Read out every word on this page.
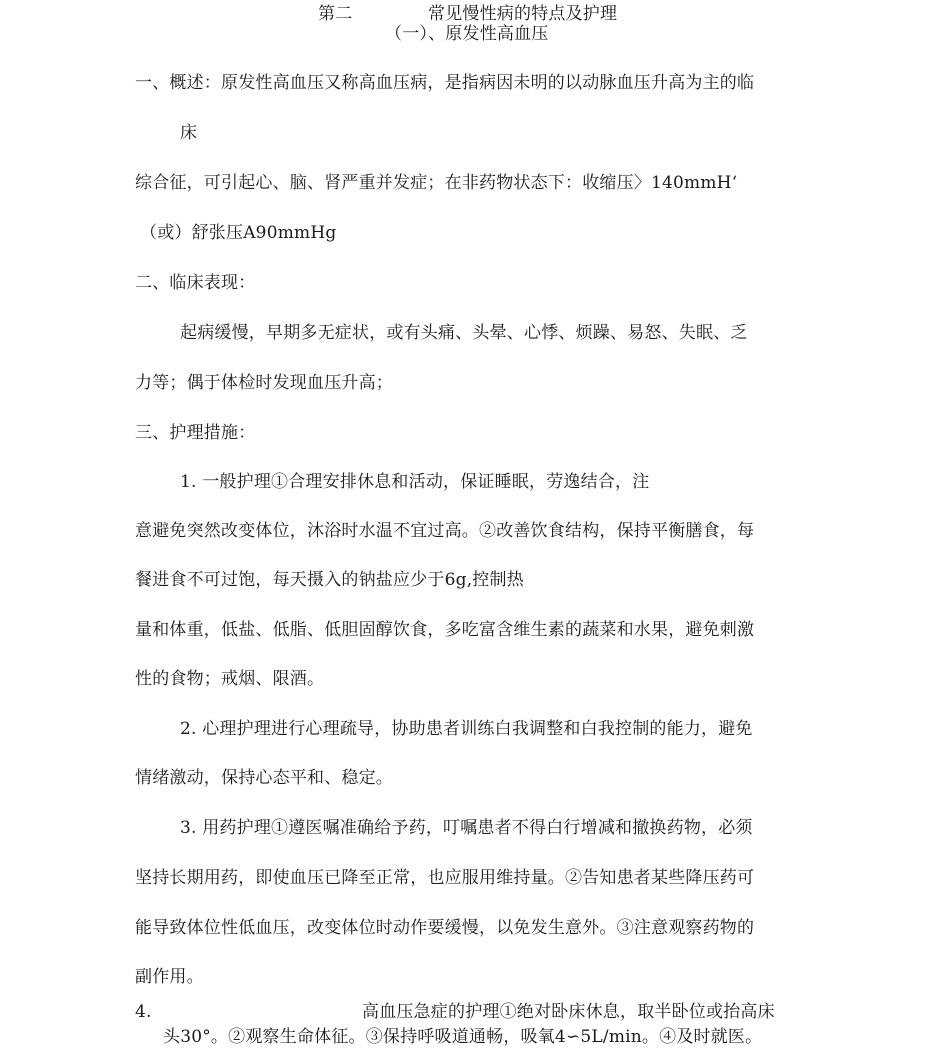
第二	常见慢性病的特点及护理
（一）、原发性高血压
一、概述：原发性高血压又称高血压病，是指病因未明的以动脉血压升高为主的临
床
综合征，可引起心、脑、肾严重并发症；在非药物状态下：收缩压〉140mmH‘
（或）舒张压A90mmHg
二、临床表现：
起病缓慢，早期多无症状，或有头痛、头晕、心悸、烦躁、易怒、失眠、乏
力等；偶于体检时发现血压升高；
三、护理措施：
1. 一般护理①合理安排休息和活动，保证睡眠，劳逸结合，注
意避免突然改变体位，沐浴时水温不宜过高。②改善饮食结构，保持平衡膳食，每
餐进食不可过饱，每天摄入的钠盐应少于6g,控制热
量和体重，低盐、低脂、低胆固醇饮食，多吃富含维生素的蔬菜和水果，避免刺激
性的食物；戒烟、限酒。
2. 心理护理进行心理疏导，协助患者训练白我调整和白我控制的能力，避免
情绪激动，保持心态平和、稳定。
3. 用药护理①遵医嘱准确给予药，叮嘱患者不得白行增减和撤换药物，必须
坚持长期用药，即使血压已降至正常，也应服用维持量。②告知患者某些降压药可
能导致体位性低血压，改变体位时动作要缓慢，以免发生意外。③注意观察药物的
副作用。
4.	高血压急症的护理①绝对卧床休息，取半卧位或抬高床
头30°。②观察生命体征。③保持呼吸道通畅，吸氧4∽5L/min。④及时就医。
